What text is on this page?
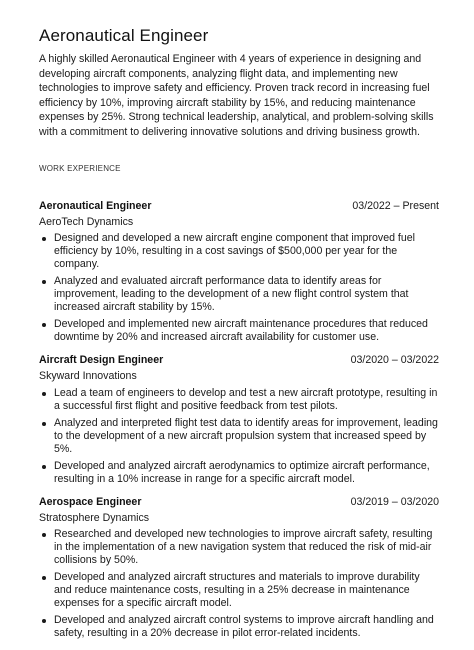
Aeronautical Engineer

A highly skilled Aeronautical Engineer with 4 years of experience in designing and developing aircraft components, analyzing flight data, and implementing new technologies to improve safety and efficiency. Proven track record in increasing fuel efficiency by 10%, improving aircraft stability by 15%, and reducing maintenance expenses by 25%. Strong technical leadership, analytical, and problem-solving skills with a commitment to delivering innovative solutions and driving business growth.

WORK EXPERIENCE
Aeronautical Engineer	03/2022 – Present
AeroTech Dynamics
Designed and developed a new aircraft engine component that improved fuel efficiency by 10%, resulting in a cost savings of $500,000 per year for the company.
Analyzed and evaluated aircraft performance data to identify areas for improvement, leading to the development of a new flight control system that increased aircraft stability by 15%.
Developed and implemented new aircraft maintenance procedures that reduced downtime by 20% and increased aircraft availability for customer use.
Aircraft Design Engineer	03/2020 – 03/2022
Skyward Innovations
Lead a team of engineers to develop and test a new aircraft prototype, resulting in a successful first flight and positive feedback from test pilots.
Analyzed and interpreted flight test data to identify areas for improvement, leading to the development of a new aircraft propulsion system that increased speed by 5%.
Developed and analyzed aircraft aerodynamics to optimize aircraft performance, resulting in a 10% increase in range for a specific aircraft model.
Aerospace Engineer	03/2019 – 03/2020
Stratosphere Dynamics
Researched and developed new technologies to improve aircraft safety, resulting in the implementation of a new navigation system that reduced the risk of mid-air collisions by 50%.
Developed and analyzed aircraft structures and materials to improve durability and reduce maintenance costs, resulting in a 25% decrease in maintenance expenses for a specific aircraft model.
Developed and analyzed aircraft control systems to improve aircraft handling and safety, resulting in a 20% decrease in pilot error-related incidents.
